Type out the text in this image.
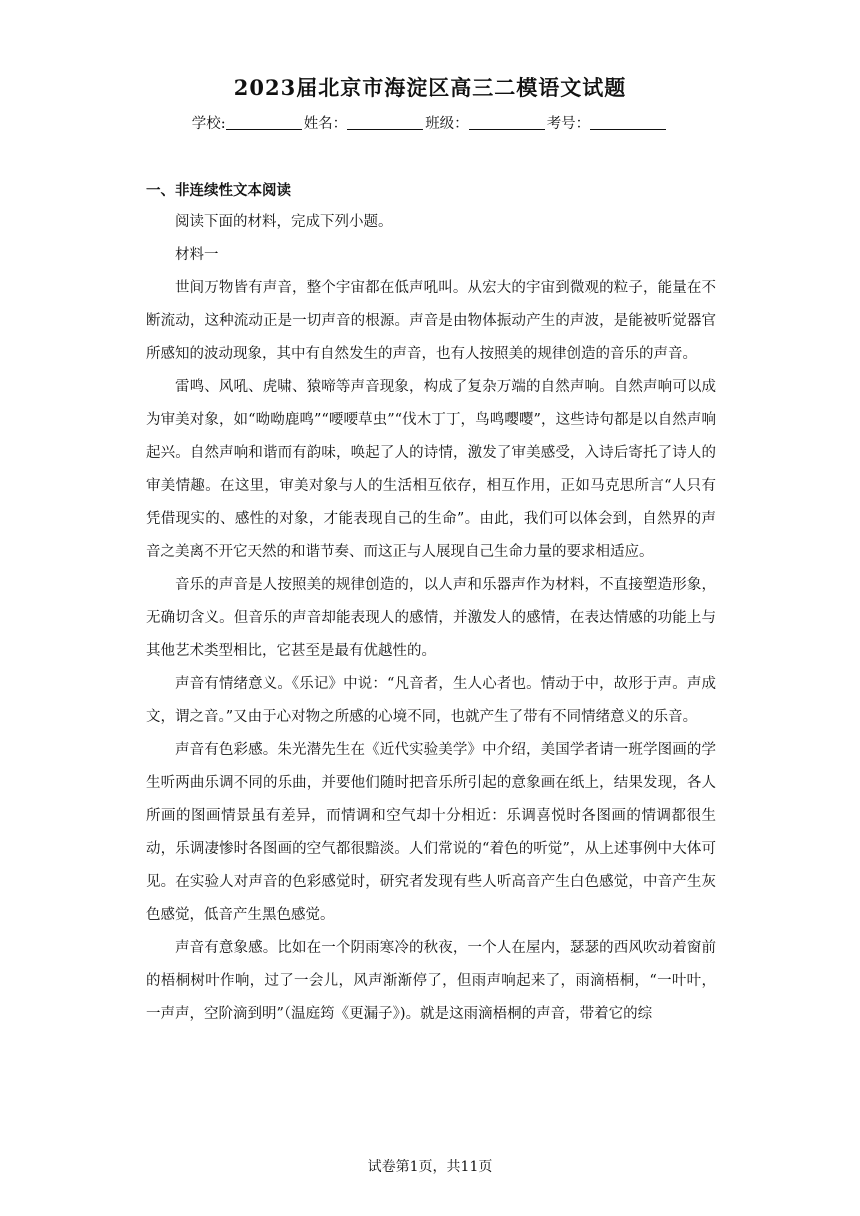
2023届北京市海淀区高三二模语文试题
学校:	姓名：	班级：	考号：
一、非连续性文本阅读

阅读下面的材料，完成下列小题。

材料一

世间万物皆有声音，整个宇宙都在低声吼叫。从宏大的宇宙到微观的粒子，能量在不断流动，这种流动正是一切声音的根源。声音是由物体振动产生的声波，是能被听觉器官所感知的波动现象，其中有自然发生的声音，也有人按照美的规律创造的音乐的声音。

雷鸣、风吼、虎啸、猿啼等声音现象，构成了复杂万端的自然声响。自然声响可以成为审美对象，如“呦呦鹿鸣”“喓喓草虫”“伐木丁丁，鸟鸣嘤嘤”，这些诗句都是以自然声响起兴。自然声响和谐而有韵味，唤起了人的诗情，激发了审美感受，入诗后寄托了诗人的审美情趣。在这里，审美对象与人的生活相互依存，相互作用，正如马克思所言“人只有凭借现实的、感性的对象，才能表现自己的生命”。由此，我们可以体会到，自然界的声音之美离不开它天然的和谐节奏、而这正与人展现自己生命力量的要求相适应。

音乐的声音是人按照美的规律创造的，以人声和乐器声作为材料，不直接塑造形象，无确切含义。但音乐的声音却能表现人的感情，并激发人的感情，在表达情感的功能上与其他艺术类型相比，它甚至是最有优越性的。

声音有情绪意义。《乐记》中说：“凡音者，生人心者也。情动于中，故形于声。声成文，谓之音。”又由于心对物之所感的心境不同，也就产生了带有不同情绪意义的乐音。

声音有色彩感。朱光潜先生在《近代实验美学》中介绍，美国学者请一班学图画的学生听两曲乐调不同的乐曲，并要他们随时把音乐所引起的意象画在纸上，结果发现，各人所画的图画情景虽有差异，而情调和空气却十分相近：乐调喜悦时各图画的情调都很生动，乐调凄惨时各图画的空气都很黯淡。人们常说的“着色的听觉”，从上述事例中大体可见。在实验人对声音的色彩感觉时，研究者发现有些人听高音产生白色感觉，中音产生灰色感觉，低音产生黑色感觉。

声音有意象感。比如在一个阴雨寒冷的秋夜，一个人在屋内，瑟瑟的西风吹动着窗前的梧桐树叶作响，过了一会儿，风声渐渐停了，但雨声响起来了，雨滴梧桐，“一叶叶，一声声，空阶滴到明”（温庭筠《更漏子》)。就是这雨滴梧桐的声音，带着它的综

试卷第1页，共11页
